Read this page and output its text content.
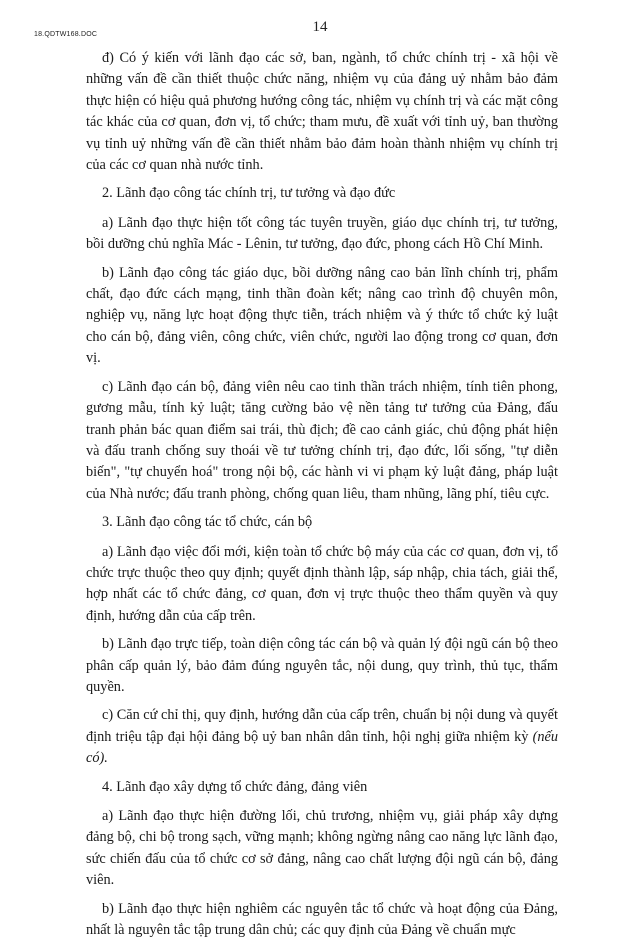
18.QDTW168.DOC	14

đ) Có ý kiến với lãnh đạo các sở, ban, ngành, tổ chức chính trị - xã hội về những vấn đề cần thiết thuộc chức năng, nhiệm vụ của đảng uỷ nhằm bảo đảm thực hiện có hiệu quả phương hướng công tác, nhiệm vụ chính trị và các mặt công tác khác của cơ quan, đơn vị, tổ chức; tham mưu, đề xuất với tỉnh uỷ, ban thường vụ tỉnh uỷ những vấn đề cần thiết nhằm bảo đảm hoàn thành nhiệm vụ chính trị của các cơ quan nhà nước tỉnh.

2. Lãnh đạo công tác chính trị, tư tưởng và đạo đức

a) Lãnh đạo thực hiện tốt công tác tuyên truyền, giáo dục chính trị, tư tưởng, bồi dưỡng chủ nghĩa Mác - Lênin, tư tưởng, đạo đức, phong cách Hồ Chí Minh.

b) Lãnh đạo công tác giáo dục, bồi dưỡng nâng cao bản lĩnh chính trị, phẩm chất, đạo đức cách mạng, tinh thần đoàn kết; nâng cao trình độ chuyên môn, nghiệp vụ, năng lực hoạt động thực tiễn, trách nhiệm và ý thức tổ chức kỷ luật cho cán bộ, đảng viên, công chức, viên chức, người lao động trong cơ quan, đơn vị.

c) Lãnh đạo cán bộ, đảng viên nêu cao tinh thần trách nhiệm, tính tiên phong, gương mẫu, tính kỷ luật; tăng cường bảo vệ nền tảng tư tưởng của Đảng, đấu tranh phản bác quan điểm sai trái, thù địch; đề cao cảnh giác, chủ động phát hiện và đấu tranh chống suy thoái về tư tưởng chính trị, đạo đức, lối sống, "tự diễn biến", "tự chuyển hoá" trong nội bộ, các hành vi vi phạm kỷ luật đảng, pháp luật của Nhà nước; đấu tranh phòng, chống quan liêu, tham nhũng, lãng phí, tiêu cực.

3. Lãnh đạo công tác tổ chức, cán bộ

a) Lãnh đạo việc đổi mới, kiện toàn tổ chức bộ máy của các cơ quan, đơn vị, tổ chức trực thuộc theo quy định; quyết định thành lập, sáp nhập, chia tách, giải thể, hợp nhất các tổ chức đảng, cơ quan, đơn vị trực thuộc theo thẩm quyền và quy định, hướng dẫn của cấp trên.

b) Lãnh đạo trực tiếp, toàn diện công tác cán bộ và quản lý đội ngũ cán bộ theo phân cấp quản lý, bảo đảm đúng nguyên tắc, nội dung, quy trình, thủ tục, thẩm quyền.

c) Căn cứ chỉ thị, quy định, hướng dẫn của cấp trên, chuẩn bị nội dung và quyết định triệu tập đại hội đảng bộ uỷ ban nhân dân tỉnh, hội nghị giữa nhiệm kỳ (nếu có).

4. Lãnh đạo xây dựng tổ chức đảng, đảng viên

a) Lãnh đạo thực hiện đường lối, chủ trương, nhiệm vụ, giải pháp xây dựng đảng bộ, chi bộ trong sạch, vững mạnh; không ngừng nâng cao năng lực lãnh đạo, sức chiến đấu của tổ chức cơ sở đảng, nâng cao chất lượng đội ngũ cán bộ, đảng viên.

b) Lãnh đạo thực hiện nghiêm các nguyên tắc tổ chức và hoạt động của Đảng, nhất là nguyên tắc tập trung dân chủ; các quy định của Đảng về chuẩn mực
